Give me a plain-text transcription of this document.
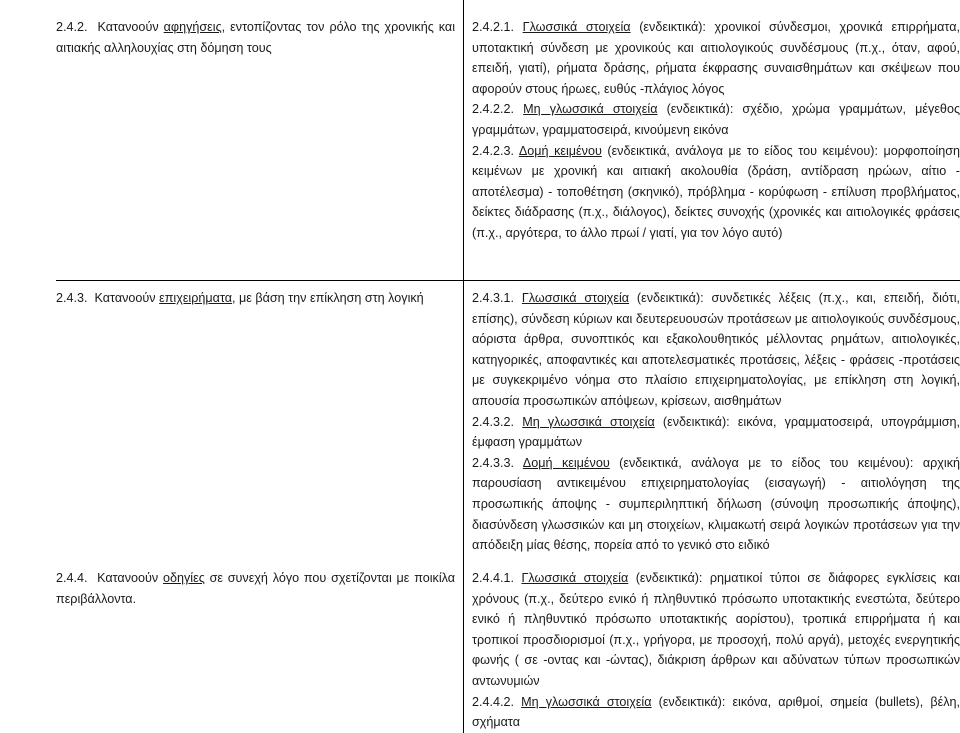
2.4.2. Κατανοούν αφηγήσεις, εντοπίζοντας τον ρόλο της χρονικής και αιτιακής αλληλουχίας στη δόμηση τους	2.4.2.1. Γλωσσικά στοιχεία (ενδεικτικά): χρονικοί σύνδεσμοι, χρονικά επιρρήματα, υποτακτική σύνδεση με χρονικούς και αιτιολογικούς συνδέσμους (π.χ., όταν, αφού, επειδή, γιατί), ρήματα δράσης, ρήματα έκφρασης συναισθημάτων και σκέψεων που αφορούν στους ήρωες, ευθύς -πλάγιος λόγος

2.4.2.2. Μη γλωσσικά στοιχεία (ενδεικτικά): σχέδιο, χρώμα γραμμάτων, μέγεθος γραμμάτων, γραμματοσειρά, κινούμενη εικόνα

2.4.2.3. Δομή κειμένου (ενδεικτικά, ανάλογα με το είδος του κειμένου): μορφοποίηση κειμένων με χρονική και αιτιακή ακολουθία (δράση, αντίδραση ηρώων, αίτιο - αποτέλεσμα) - τοποθέτηση (σκηνικό), πρόβλημα - κορύφωση - επίλυση προβλήματος, δείκτες διάδρασης (π.χ., διάλογος), δείκτες συνοχής (χρονικές και αιτιολογικές φράσεις (π.χ., αργότερα, το άλλο πρωί / γιατί, για τον λόγο αυτό)

2.4.3. Κατανοούν επιχειρήματα, με βάση την επίκληση στη λογική	2.4.3.1. Γλωσσικά στοιχεία (ενδεικτικά): συνδετικές λέξεις (π.χ., και, επειδή, διότι, επίσης), σύνδεση κύριων και δευτερευουσών προτάσεων με αιτιολογικούς συνδέσμους, αόριστα άρθρα, συνοπτικός και εξακολουθητικός μέλλοντας ρημάτων, αιτιολογικές, κατηγορικές, αποφαντικές και αποτελεσματικές προτάσεις, λέξεις - φράσεις -προτάσεις με συγκεκριμένο νόημα στο πλαίσιο επιχειρηματολογίας, με επίκληση στη λογική, απουσία προσωπικών απόψεων, κρίσεων, αισθημάτων

2.4.3.2. Μη γλωσσικά στοιχεία (ενδεικτικά): εικόνα, γραμματοσειρά, υπογράμμιση, έμφαση γραμμάτων

2.4.3.3. Δομή κειμένου (ενδεικτικά, ανάλογα με το είδος του κειμένου): αρχική παρουσίαση αντικειμένου επιχειρηματολογίας (εισαγωγή) - αιτιολόγηση της προσωπικής άποψης - συμπεριληπτική δήλωση (σύνοψη προσωπικής άποψης), διασύνδεση γλωσσικών και μη στοιχείων, κλιμακωτή σειρά λογικών προτάσεων για την απόδειξη μίας θέσης, πορεία από το γενικό στο ειδικό

2.4.4. Κατανοούν οδηγίες σε συνεχή λόγο που σχετίζονται με ποικίλα περιβάλλοντα.	2.4.4.1. Γλωσσικά στοιχεία (ενδεικτικά): ρηματικοί τύποι σε διάφορες εγκλίσεις και χρόνους (π.χ., δεύτερο ενικό ή πληθυντικό πρόσωπο υποτακτικής ενεστώτα, δεύτερο ενικό ή πληθυντικό πρόσωπο υποτακτικής αορίστου), τροπικά επιρρήματα ή και τροπικοί προσδιορισμοί (π.χ., γρήγορα, με προσοχή, πολύ αργά), μετοχές ενεργητικής φωνής ( σε -οντας και -ώντας), διάκριση άρθρων και αδύνατων τύπων προσωπικών αντωνυμιών

2.4.4.2. Μη γλωσσικά στοιχεία (ενδεικτικά): εικόνα, αριθμοί, σημεία (bullets), βέλη, σχήματα
